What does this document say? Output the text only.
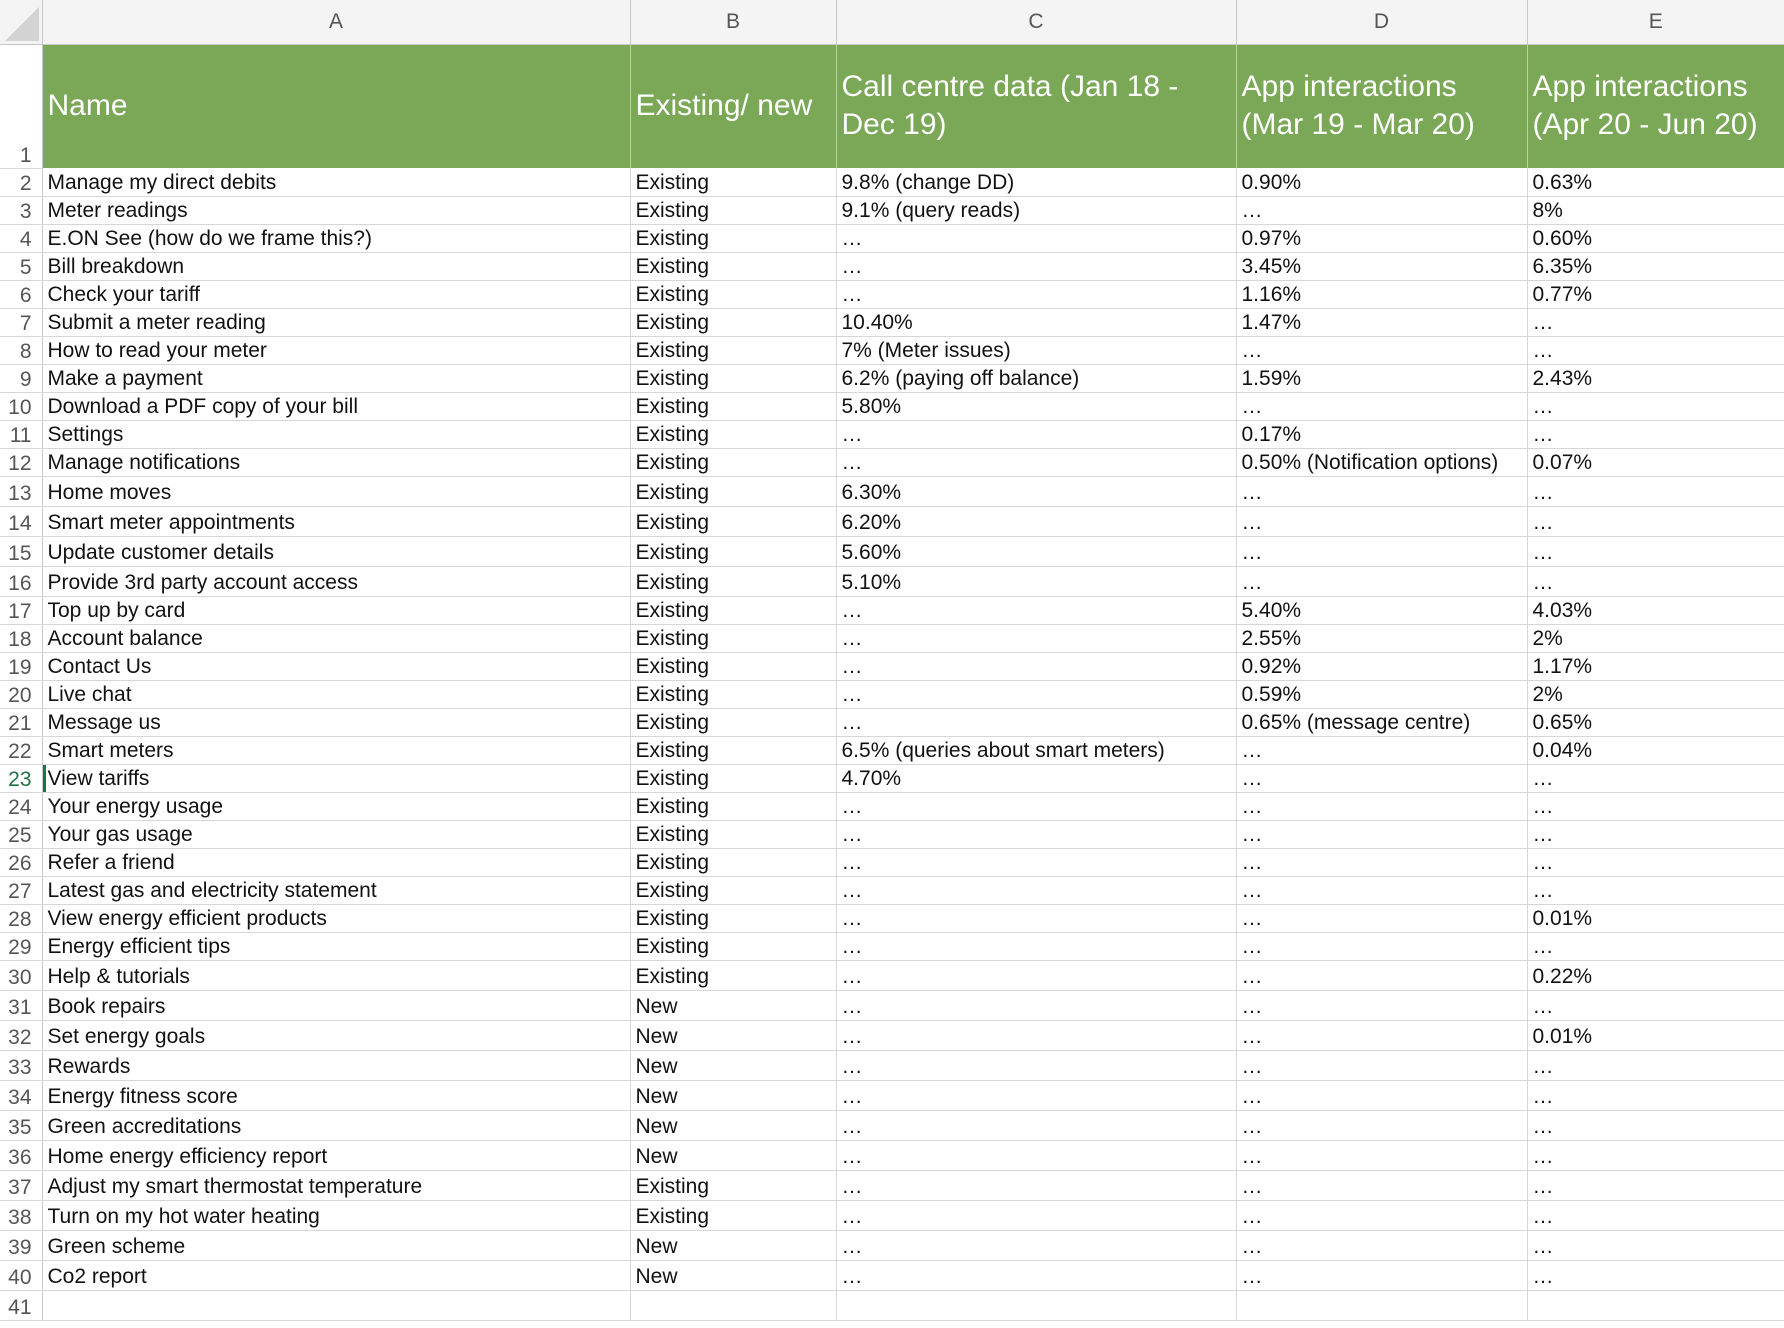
	A	B	C	D	E
1	Name	Existing/ new	Call centre data (Jan 18 - Dec 19)	App interactions (Mar 19 - Mar 20)	App interactions (Apr 20 - Jun 20)
2	Manage my direct debits	Existing	9.8% (change DD)	0.90%	0.63%
3	Meter readings	Existing	9.1% (query reads)	…	8%
4	E.ON See (how do we frame this?)	Existing	…	0.97%	0.60%
5	Bill breakdown	Existing	…	3.45%	6.35%
6	Check your tariff	Existing	…	1.16%	0.77%
7	Submit a meter reading	Existing	10.40%	1.47%	…
8	How to read your meter	Existing	7% (Meter issues)	…	…
9	Make a payment	Existing	6.2% (paying off balance)	1.59%	2.43%
10	Download a PDF copy of your bill	Existing	5.80%	…	…
11	Settings	Existing	…	0.17%	…
12	Manage notifications	Existing	…	0.50% (Notification options)	0.07%
13	Home moves	Existing	6.30%	…	…
14	Smart meter appointments	Existing	6.20%	…	…
15	Update customer details	Existing	5.60%	…	…
16	Provide 3rd party account access	Existing	5.10%	…	…
17	Top up by card	Existing	…	5.40%	4.03%
18	Account balance	Existing	…	2.55%	2%
19	Contact Us	Existing	…	0.92%	1.17%
20	Live chat	Existing	…	0.59%	2%
21	Message us	Existing	…	0.65% (message centre)	0.65%
22	Smart meters	Existing	6.5% (queries about smart meters)	…	0.04%
23	View tariffs	Existing	4.70%	…	…
24	Your energy usage	Existing	…	…	…
25	Your gas usage	Existing	…	…	…
26	Refer a friend	Existing	…	…	…
27	Latest gas and electricity statement	Existing	…	…	…
28	View energy efficient products	Existing	…	…	0.01%
29	Energy efficient tips	Existing	…	…	…
30	Help & tutorials	Existing	…	…	0.22%
31	Book repairs	New	…	…	…
32	Set energy goals	New	…	…	0.01%
33	Rewards	New	…	…	…
34	Energy fitness score	New	…	…	…
35	Green accreditations	New	…	…	…
36	Home energy efficiency report	New	…	…	…
37	Adjust my smart thermostat temperature	Existing	…	…	…
38	Turn on my hot water heating	Existing	…	…	…
39	Green scheme	New	…	…	…
40	Co2 report	New	…	…	…
41					
